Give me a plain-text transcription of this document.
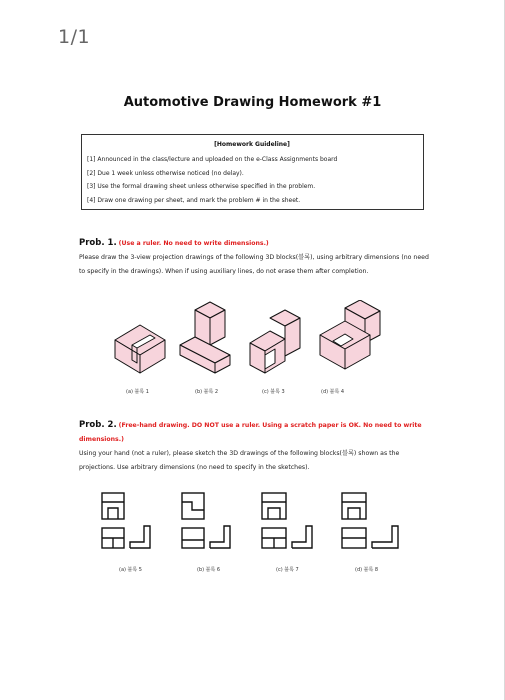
1/1
Automotive Drawing Homework #1
[Homework Guideline]
[1] Announced in the class/lecture and uploaded on the e-Class Assignments board
[2] Due 1 week unless otherwise noticed (no delay).
[3] Use the formal drawing sheet unless otherwise specified in the problem.
[4] Draw one drawing per sheet, and mark the problem # in the sheet.
Prob. 1. (Use a ruler. No need to write dimensions.)
Please draw the 3-view projection drawings of the following 3D blocks(블록), using arbitrary dimensions (no need to specify in the drawings). When if using auxiliary lines, do not erase them after completion.
(a) 블록 1	(b) 블록 2	(c) 블록 3	(d) 블록 4
Prob. 2. (Free-hand drawing. DO NOT use a ruler. Using a scratch paper is OK. No need to write dimensions.)
Using your hand (not a ruler), please sketch the 3D drawings of the following blocks(블록) shown as the projections. Use arbitrary dimensions (no need to specify in the sketches).
(a) 블록 5	(b) 블록 6	(c) 블록 7	(d) 블록 8
